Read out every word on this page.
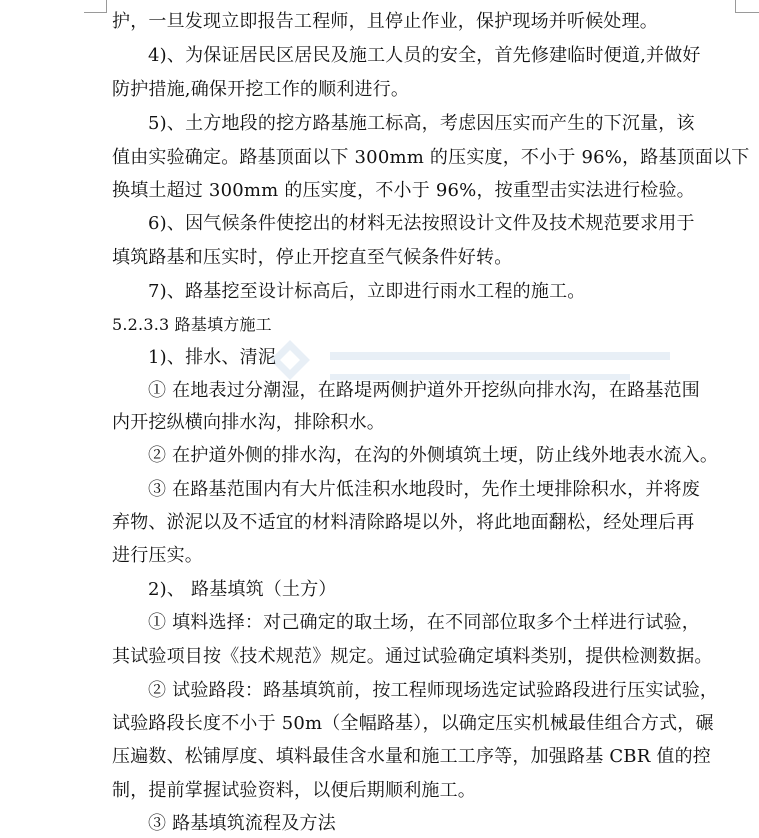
护，一旦发现立即报告工程师，且停止作业，保护现场并听候处理。
4)、为保证居民区居民及施工人员的安全，首先修建临时便道,并做好
防护措施,确保开挖工作的顺利进行。
5)、土方地段的挖方路基施工标高，考虑因压实而产生的下沉量，该
值由实验确定。路基顶面以下 300mm 的压实度，不小于 96%，路基顶面以下
换填土超过 300mm 的压实度，不小于 96%，按重型击实法进行检验。
6)、因气候条件使挖出的材料无法按照设计文件及技术规范要求用于
填筑路基和压实时，停止开挖直至气候条件好转。
7)、路基挖至设计标高后，立即进行雨水工程的施工。
5.2.3.3 路基填方施工
1)、排水、清泥
① 在地表过分潮湿，在路堤两侧护道外开挖纵向排水沟，在路基范围
内开挖纵横向排水沟，排除积水。
② 在护道外侧的排水沟，在沟的外侧填筑土埂，防止线外地表水流入。
③ 在路基范围内有大片低洼积水地段时，先作土埂排除积水，并将废
弃物、淤泥以及不适宜的材料清除路堤以外，将此地面翻松，经处理后再
进行压实。
2)、 路基填筑（土方）
① 填料选择：对己确定的取土场，在不同部位取多个土样进行试验，
其试验项目按《技术规范》规定。通过试验确定填料类别，提供检测数据。
② 试验路段：路基填筑前，按工程师现场选定试验路段进行压实试验，
试验路段长度不小于 50m（全幅路基），以确定压实机械最佳组合方式，碾
压遍数、松铺厚度、填料最佳含水量和施工工序等，加强路基 CBR 值的控
制，提前掌握试验资料，以便后期顺利施工。
③ 路基填筑流程及方法
